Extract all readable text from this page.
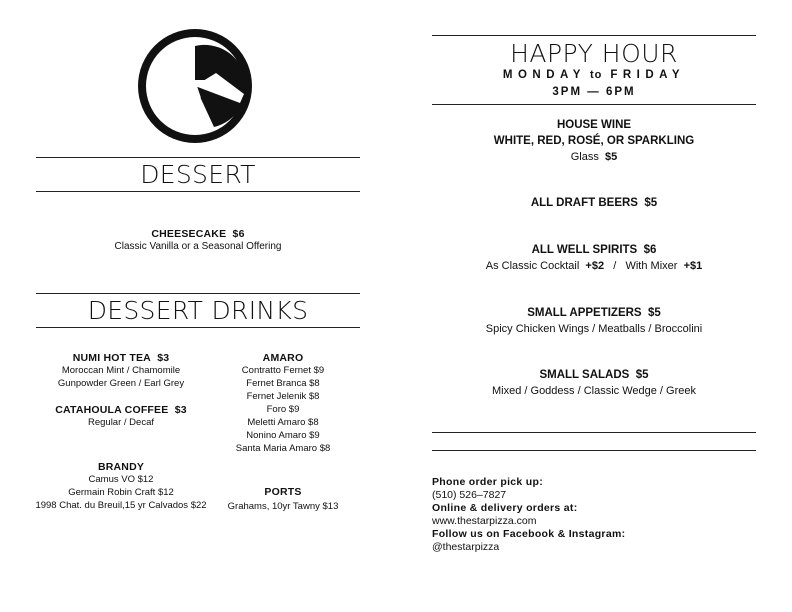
DESSERT
CHEESECAKE $6
Classic Vanilla or a Seasonal Offering
DESSERT DRINKS
NUMI HOT TEA $3
Moroccan Mint / Chamomile
Gunpowder Green / Earl Grey
CATAHOULA COFFEE $3
Regular / Decaf
BRANDY
Camus VO $12
Germain Robin Craft $12
1998 Chat. du Breuil,15 yr Calvados $22
AMARO
Contratto Fernet $9
Fernet Branca $8
Fernet Jelenik $8
Foro $9
Meletti Amaro $8
Nonino Amaro $9
Santa Maria Amaro $8
PORTS
Grahams, 10yr Tawny $13
HAPPY HOUR
MONDAY to FRIDAY
3PM — 6PM
HOUSE WINE
WHITE, RED, ROSÉ, OR SPARKLING
Glass $5
ALL DRAFT BEERS $5
ALL WELL SPIRITS $6
As Classic Cocktail +$2 / With Mixer +$1
SMALL APPETIZERS $5
Spicy Chicken Wings / Meatballs / Broccolini
SMALL SALADS $5
Mixed / Goddess / Classic Wedge / Greek
Phone order pick up:
(510) 526–7827
Online & delivery orders at:
www.thestarpizza.com
Follow us on Facebook & Instagram:
@thestarpizza
